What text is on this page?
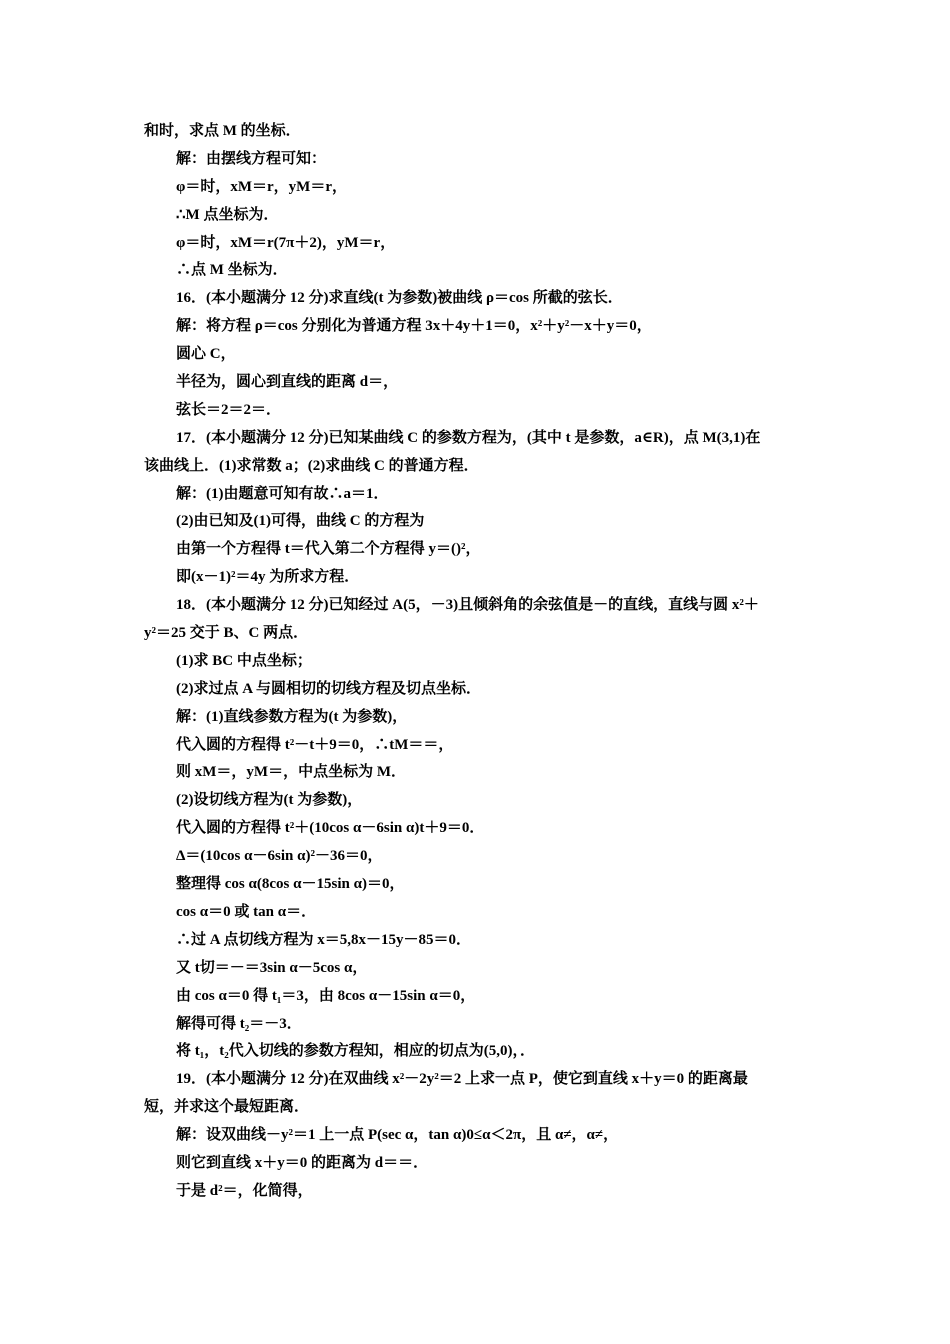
和时，求点 M 的坐标．
解：由摆线方程可知：
φ＝时，xM＝r，yM＝r，
∴M 点坐标为．
φ＝时，xM＝r(7π＋2)，yM＝r，
∴点 M 坐标为．
16．(本小题满分 12 分)求直线(t 为参数)被曲线 ρ＝cos 所截的弦长．
解：将方程 ρ＝cos 分别化为普通方程 3x＋4y＋1＝0，x²＋y²－x＋y＝0，
圆心 C，
半径为，圆心到直线的距离 d＝，
弦长＝2＝2＝．
17．(本小题满分 12 分)已知某曲线 C 的参数方程为，(其中 t 是参数，a∈R)，点 M(3,1)在
该曲线上．(1)求常数 a；(2)求曲线 C 的普通方程．
解：(1)由题意可知有故∴a＝1．
(2)由已知及(1)可得，曲线 C 的方程为
由第一个方程得 t＝代入第二个方程得 y＝()²，
即(x－1)²＝4y 为所求方程．
18．(本小题满分 12 分)已知经过 A(5，－3)且倾斜角的余弦值是－的直线，直线与圆 x²＋
y²＝25 交于 B、C 两点．
(1)求 BC 中点坐标；
(2)求过点 A 与圆相切的切线方程及切点坐标．
解：(1)直线参数方程为(t 为参数)，
代入圆的方程得 t²－t＋9＝0，∴tM＝＝，
则 xM＝，yM＝，中点坐标为 M．
(2)设切线方程为(t 为参数)，
代入圆的方程得 t²＋(10cos α－6sin α)t＋9＝0．
Δ＝(10cos α－6sin α)²－36＝0，
整理得 cos α(8cos α－15sin α)＝0，
cos α＝0 或 tan α＝．
∴过 A 点切线方程为 x＝5,8x－15y－85＝0．
又 t切＝－＝3sin α－5cos α，
由 cos α＝0 得 t₁＝3，由 8cos α－15sin α＝0，
解得可得 t₂＝－3．
将 t₁，t₂代入切线的参数方程知，相应的切点为(5,0)，．
19．(本小题满分 12 分)在双曲线 x²－2y²＝2 上求一点 P，使它到直线 x＋y＝0 的距离最
短，并求这个最短距离．
解：设双曲线－y²＝1 上一点 P(sec α，tan α)0≤α＜2π，且 α≠，α≠，
则它到直线 x＋y＝0 的距离为 d＝＝．
于是 d²＝，化简得，
